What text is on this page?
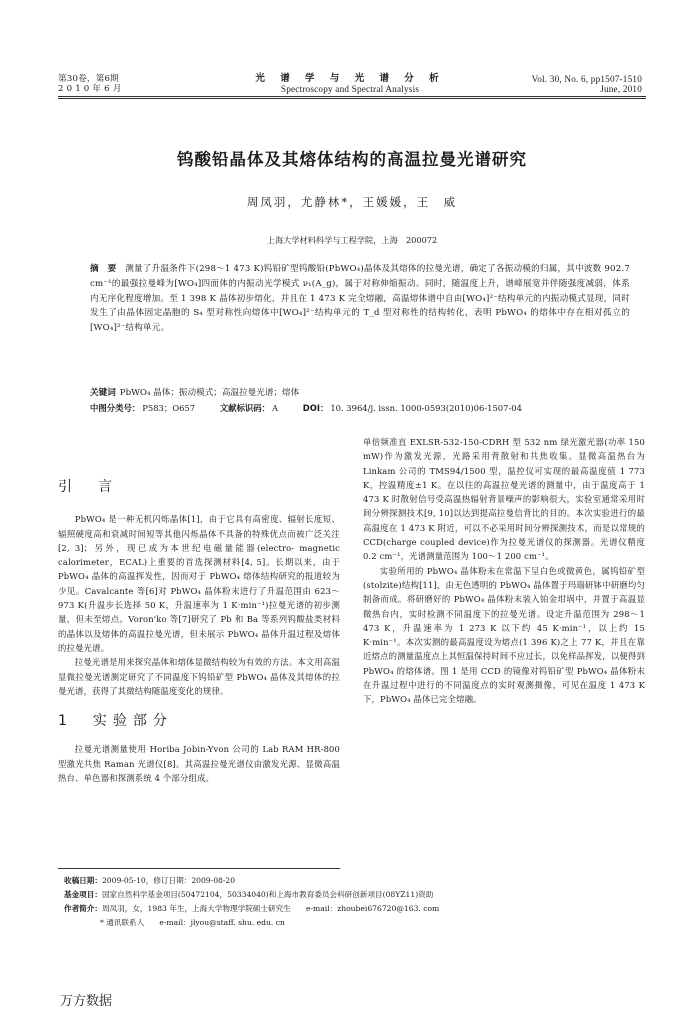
第30卷，第6期
2 0 1 0 年 6 月
光 谱 学 与 光 谱 分 析
Spectroscopy and Spectral Analysis
Vol. 30, No. 6, pp1507-1510
June, 2010
钨酸铅晶体及其熔体结构的高温拉曼光谱研究
周凤羽，尤静林*，王媛媛，王　威
上海大学材料科学与工程学院，上海　200072
摘 要 测量了升温条件下(298～1 473 K)钨铅矿型钨酸铅(PbWO₄)晶体及其熔体的拉曼光谱，确定了各振动模的归属，其中波数 902.7 cm⁻¹的最强拉曼峰为[WO₄]四面体的内振动光学模式 ν₁(A_g)，属于对称伸缩振动。同时，随温度上升，谱峰展宽并伴随强度减弱，体系内无序化程度增加。至 1 398 K 晶体初步熔化，并且在 1 473 K 完全熔融，高温熔体谱中自由[WO₄]²⁻结构单元的内振动模式显现，同时发生了由晶体固定晶胞的 S₄ 型对称性向熔体中[WO₄]²⁻结构单元的 T_d 型对称性的结构转化，表明 PbWO₄ 的熔体中存在相对孤立的[WO₄]²⁻结构单元。
关键词 PbWO₄ 晶体；振动模式；高温拉曼光谱；熔体
中图分类号： P583；O657	文献标识码： A	DOI： 10. 3964/j. issn. 1000-0593(2010)06-1507-04
引　言

PbWO₄ 是一种无机闪烁晶体[1]，由于它具有高密度、辐射长度短、辐照硬度高和衰减时间短等其他闪烁晶体不具备的特殊优点而被广泛关注[2, 3]；另外，现已成为本世纪电磁量能器(electro- magnetic calorimeter，ECAL)上重要的首选探测材料[4, 5]。长期以来，由于 PbWO₄ 晶体的高温挥发性，因而对于 PbWO₄ 熔体结构研究的报道较为少见。Cavalcante 等[6]对 PbWO₄ 晶体粉末进行了升温范围由 623～973 K(升温步长选择 50 K，升温速率为 1 K·min⁻¹)拉曼光谱的初步测量，但未至熔点。Voron'ko 等[7]研究了 Pb 和 Ba 等系列钨酸盐类材料的晶体以及熔体的高温拉曼光谱，但未展示 PbWO₄ 晶体升温过程及熔体的拉曼光谱。

拉曼光谱是用来探究晶体和熔体显微结构较为有效的方法。本文用高温显微拉曼光谱测定研究了不同温度下钨铅矿型 PbWO₄ 晶体及其熔体的拉曼光谱，获得了其微结构随温度变化的规律。

1　实验部分

拉曼光谱测量使用 Horiba Jobin-Yvon 公司的 Lab RAM HR-800 型激光共焦 Raman 光谱仪[8]。其高温拉曼光谱仪由激发光源、显微高温热台、单色器和探测系统 4 个部分组成。

单倍频准直 EXLSR-532-150-CDRH 型 532 nm 绿光激光器(功率 150 mW)作为激发光源，光路采用背散射和共焦收集。显微高温热台为 Linkam 公司的 TMS94/1500 型，温控仪可实现的最高温度值 1 773 K，控温精度±1 K。在以往的高温拉曼光谱的测量中，由于温度高于 1 473 K 时散射信号受高温热辐射背景噪声的影响很大，实验室通常采用时间分辨探测技术[9, 10]以达到提高拉曼信背比的目的。本次实验进行的最高温度在 1 473 K 附近，可以不必采用时间分辨探测技术，而是以常规的 CCD(charge coupled device)作为拉曼光谱仪的探测器。光谱仪精度 0.2 cm⁻¹，光谱测量范围为 100～1 200 cm⁻¹。

实验所用的 PbWO₄ 晶体粉末在常温下呈白色或微黄色，属钨铅矿型(stolzite)结构[11]，由无色透明的 PbWO₄ 晶体置于玛瑙研钵中研磨均匀制备而成。将研磨好的 PbWO₄ 晶体粉末装入铂金坩埚中，并置于高温显微热台内，实时检测不同温度下的拉曼光谱。设定升温范围为 298～1 473 K，升温速率为 1 273 K 以下约 45 K·min⁻¹，以上约 15 K·min⁻¹。本次实测的最高温度设为熔点(1 396 K)之上 77 K，并且在靠近熔点的测量温度点上其恒温保持时间不应过长，以免样品挥发，以便得到 PbWO₄ 的熔体谱。图 1 是用 CCD 的镜像对钨铅矿型 PbWO₄ 晶体粉末在升温过程中进行的不同温度点的实时观测摄像，可见在温度 1 473 K 下，PbWO₄ 晶体已完全熔融。

收稿日期：2009-05-10，修订日期：2009-08-20
基金项目：国家自然科学基金项目(50472104，50334040)和上海市教育委员会科研创新项目(08YZ11)资助
作者简介：周凤羽，女，1983 年生，上海大学物理学院硕士研究生　　e-mail：zhoubei676720@163. com
* 通讯联系人　　e-mail：jlyou@staff. shu. edu. cn
万方数据
